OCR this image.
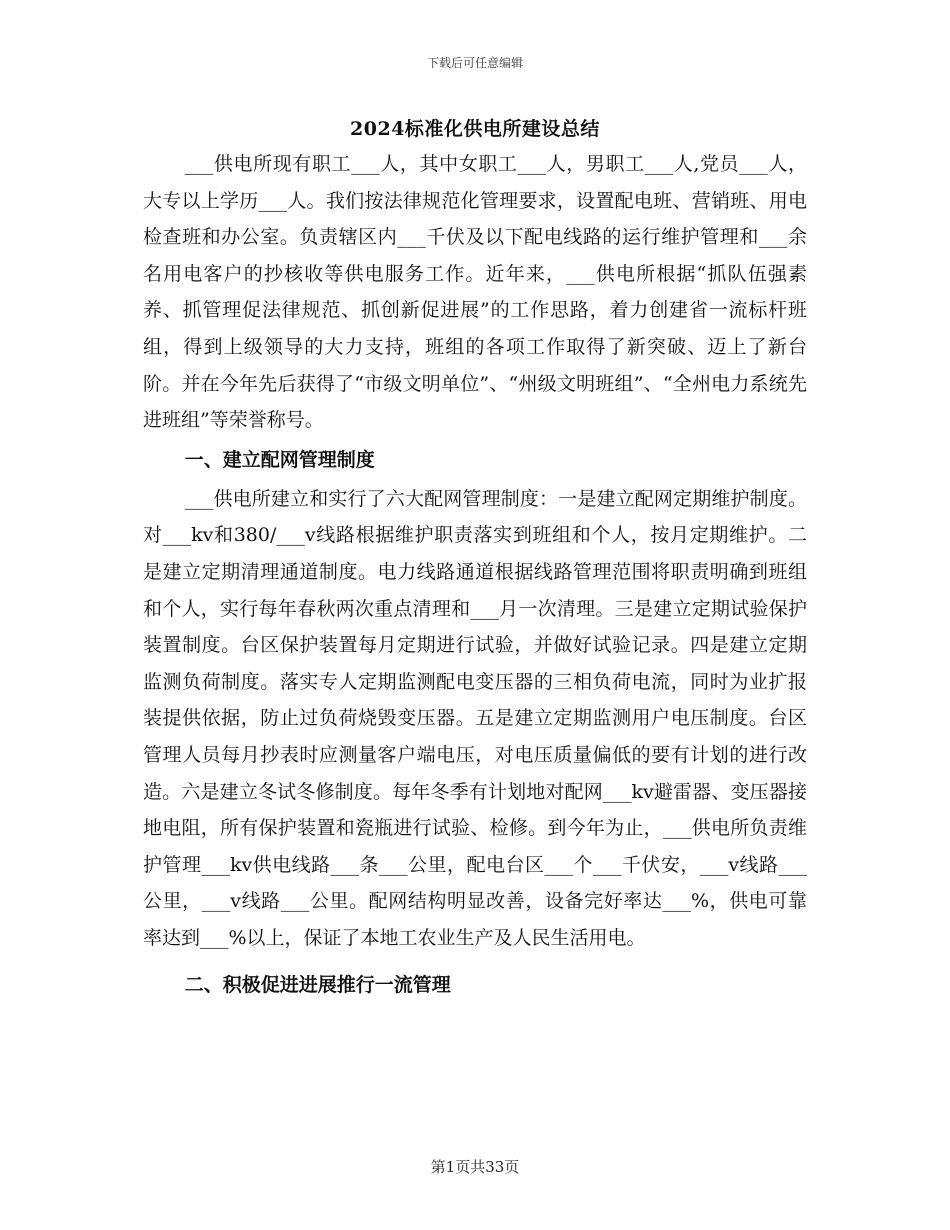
下载后可任意编辑
2024标准化供电所建设总结

___供电所现有职工___人，其中女职工___人，男职工___人,党员___人，大专以上学历___人。我们按法律规范化管理要求，设置配电班、营销班、用电检查班和办公室。负责辖区内___千伏及以下配电线路的运行维护管理和___余名用电客户的抄核收等供电服务工作。近年来，___供电所根据“抓队伍强素养、抓管理促法律规范、抓创新促进展”的工作思路，着力创建省一流标杆班组，得到上级领导的大力支持，班组的各项工作取得了新突破、迈上了新台阶。并在今年先后获得了“市级文明单位”、“州级文明班组”、“全州电力系统先进班组”等荣誉称号。

一、建立配网管理制度

___供电所建立和实行了六大配网管理制度：一是建立配网定期维护制度。对___kv和380/___v线路根据维护职责落实到班组和个人，按月定期维护。二是建立定期清理通道制度。电力线路通道根据线路管理范围将职责明确到班组和个人，实行每年春秋两次重点清理和___月一次清理。三是建立定期试验保护装置制度。台区保护装置每月定期进行试验，并做好试验记录。四是建立定期监测负荷制度。落实专人定期监测配电变压器的三相负荷电流，同时为业扩报装提供依据，防止过负荷烧毁变压器。五是建立定期监测用户电压制度。台区管理人员每月抄表时应测量客户端电压，对电压质量偏低的要有计划的进行改造。六是建立冬试冬修制度。每年冬季有计划地对配网___kv避雷器、变压器接地电阻，所有保护装置和瓷瓶进行试验、检修。到今年为止，___供电所负责维护管理___kv供电线路___条___公里，配电台区___个___千伏安，___v线路___公里，___v线路___公里。配网结构明显改善，设备完好率达___%，供电可靠率达到___%以上，保证了本地工农业生产及人民生活用电。

二、积极促进进展推行一流管理
第1页共33页
